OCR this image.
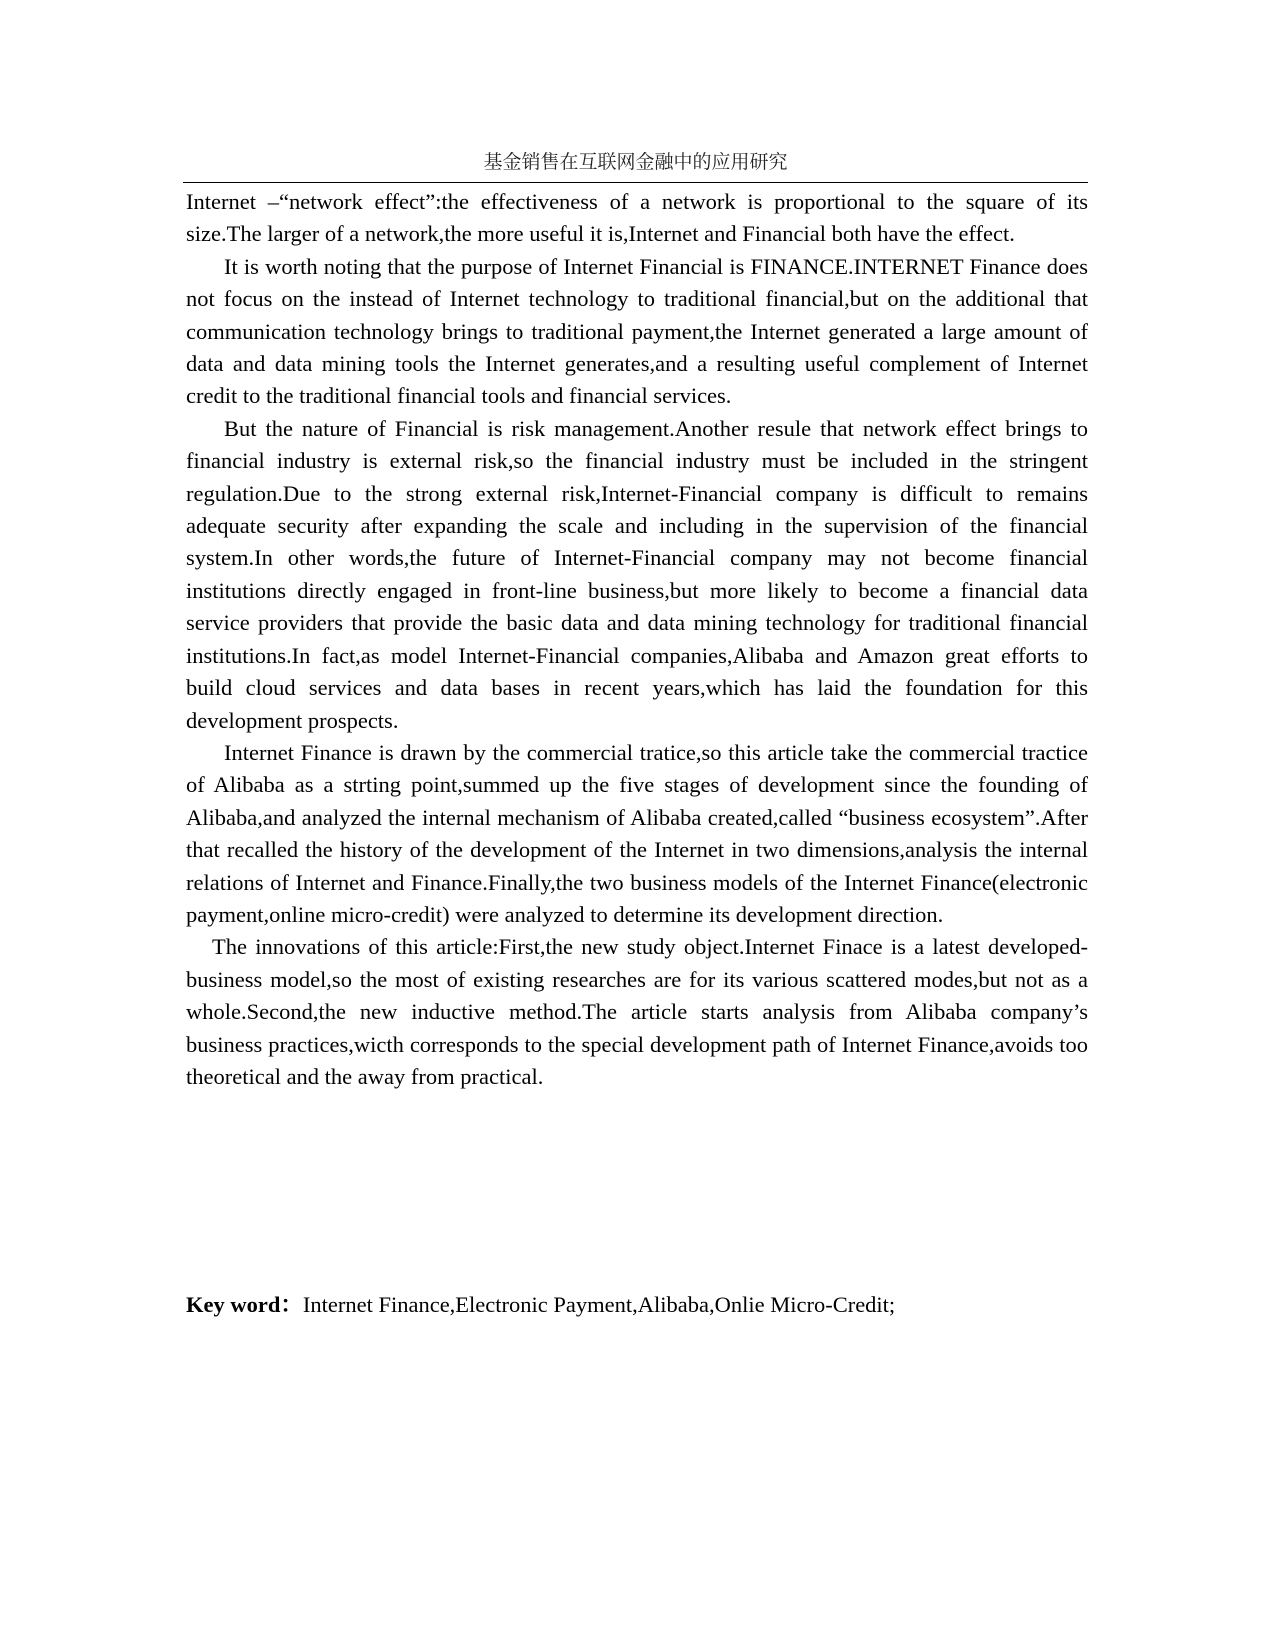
基金销售在互联网金融中的应用研究

Internet –“network effect”:the effectiveness of a network is proportional to the square of its size.The larger of a network,the more useful it is,Internet and Financial both have the effect.

It is worth noting that the purpose of Internet Financial is FINANCE.INTERNET Finance does not focus on the instead of Internet technology to traditional financial,but on the additional that communication technology brings to traditional payment,the Internet generated a large amount of data and data mining tools the Internet generates,and a resulting useful complement of Internet credit to the traditional financial tools and financial services.

But the nature of Financial is risk management.Another resule that network effect brings to financial industry is external risk,so the financial industry must be included in the stringent regulation.Due to the strong external risk,Internet-Financial company is difficult to remains adequate security after expanding the scale and including in the supervision of the financial system.In other words,the future of Internet-Financial company may not become financial institutions directly engaged in front-line business,but more likely to become a financial data service providers that provide the basic data and data mining technology for traditional financial institutions.In fact,as model Internet-Financial companies,Alibaba and Amazon great efforts to build cloud services and data bases in recent years,which has laid the foundation for this development prospects.

Internet Finance is drawn by the commercial tratice,so this article take the commercial tractice of Alibaba as a strting point,summed up the five stages of development since the founding of Alibaba,and analyzed the internal mechanism of Alibaba created,called “business ecosystem”.After that recalled the history of the development of the Internet in two dimensions,analysis the internal relations of Internet and Finance.Finally,the two business models of the Internet Finance(electronic payment,online micro-credit) were analyzed to determine its development direction.

The innovations of this article:First,the new study object.Internet Finace is a latest developed-business model,so the most of existing researches are for its various scattered modes,but not as a whole.Second,the new inductive method.The article starts analysis from Alibaba company’s business practices,wicth corresponds to the special development path of Internet Finance,avoids too theoretical and the away from practical.

Key word：Internet Finance,Electronic Payment,Alibaba,Onlie Micro-Credit;
